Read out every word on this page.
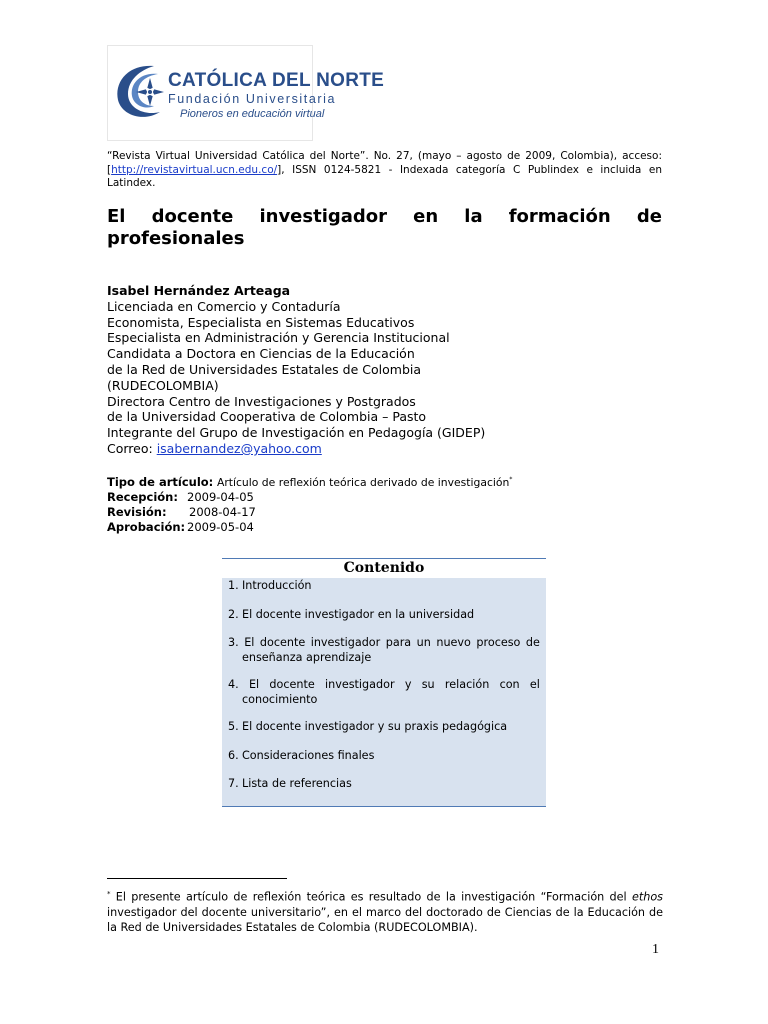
CATÓLICA DEL NORTE
Fundación Universitaria
Pioneros en educación virtual
“Revista Virtual Universidad Católica del Norte”. No. 27, (mayo – agosto de 2009, Colombia), acceso: [http://revistavirtual.ucn.edu.co/], ISSN 0124-5821 - Indexada categoría C Publindex e incluida en Latindex.
El docente investigador en la formación de
profesionales
Isabel Hernández Arteaga
Licenciada en Comercio y Contaduría
Economista, Especialista en Sistemas Educativos
Especialista en Administración y Gerencia Institucional
Candidata a Doctora en Ciencias de la Educación
de la Red de Universidades Estatales de Colombia
(RUDECOLOMBIA)
Directora Centro de Investigaciones y Postgrados
de la Universidad Cooperativa de Colombia – Pasto
Integrante del Grupo de Investigación en Pedagogía (GIDEP)
Correo: isabernandez@yahoo.com
Tipo de artículo: Artículo de reflexión teórica derivado de investigación*
Recepción: 2009-04-05
Revisión: 2008-04-17
Aprobación: 2009-05-04
Contenido
1. Introducción
2. El docente investigador en la universidad
3. El docente investigador para un nuevo proceso de
enseñanza aprendizaje
4. El docente investigador y su relación con el
conocimiento
5. El docente investigador y su praxis pedagógica
6. Consideraciones finales
7. Lista de referencias
* El presente artículo de reflexión teórica es resultado de la investigación “Formación del ethos investigador del docente universitario”, en el marco del doctorado de Ciencias de la Educación de la Red de Universidades Estatales de Colombia (RUDECOLOMBIA).
1
